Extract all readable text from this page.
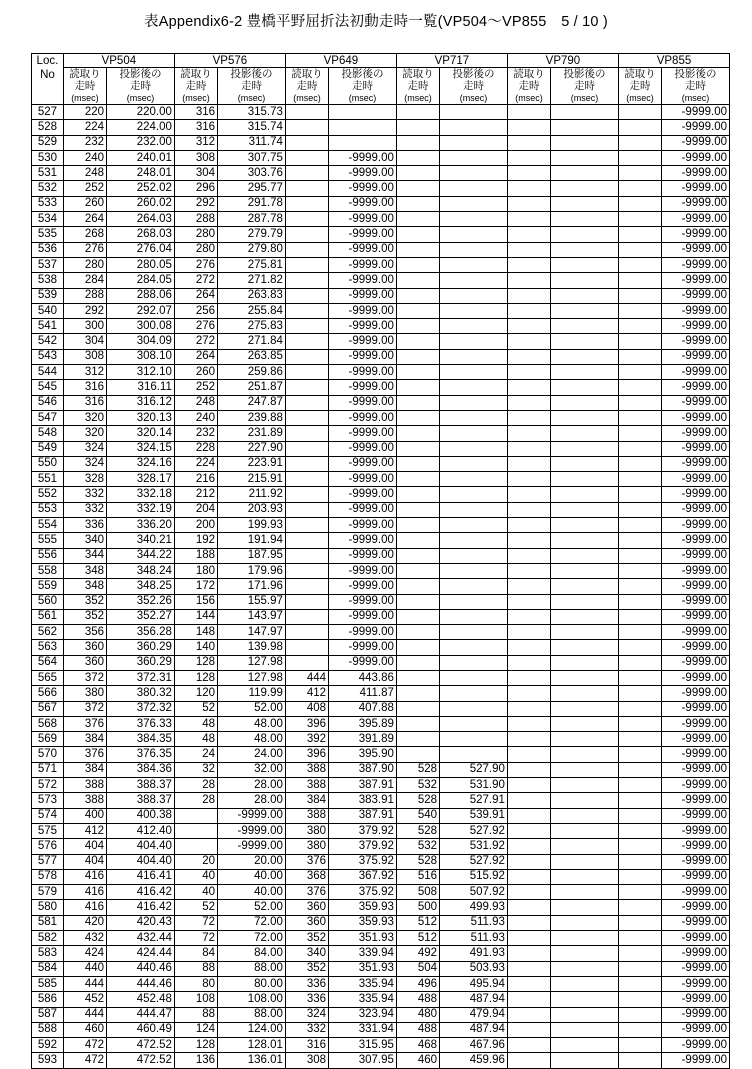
表Appendix6-2 豊橋平野屈折法初動走時一覧(VP504～VP855　5 / 10 )
Loc.
No	VP504		VP576		VP649		VP717		VP790		VP855	
	読取り	投影後の	読取り	投影後の	読取り	投影後の	読取り	投影後の	読取り	投影後の	読取り	投影後の
	走時	走時	走時	走時	走時	走時	走時	走時	走時	走時	走時	走時
	(msec)	(msec)	(msec)	(msec)	(msec)	(msec)	(msec)	(msec)	(msec)	(msec)	(msec)	(msec)
527	220	220.00	316	315.73								-9999.00
528	224	224.00	316	315.74								-9999.00
529	232	232.00	312	311.74								-9999.00
530	240	240.01	308	307.75		-9999.00						-9999.00
531	248	248.01	304	303.76		-9999.00						-9999.00
532	252	252.02	296	295.77		-9999.00						-9999.00
533	260	260.02	292	291.78		-9999.00						-9999.00
534	264	264.03	288	287.78		-9999.00						-9999.00
535	268	268.03	280	279.79		-9999.00						-9999.00
536	276	276.04	280	279.80		-9999.00						-9999.00
537	280	280.05	276	275.81		-9999.00						-9999.00
538	284	284.05	272	271.82		-9999.00						-9999.00
539	288	288.06	264	263.83		-9999.00						-9999.00
540	292	292.07	256	255.84		-9999.00						-9999.00
541	300	300.08	276	275.83		-9999.00						-9999.00
542	304	304.09	272	271.84		-9999.00						-9999.00
543	308	308.10	264	263.85		-9999.00						-9999.00
544	312	312.10	260	259.86		-9999.00						-9999.00
545	316	316.11	252	251.87		-9999.00						-9999.00
546	316	316.12	248	247.87		-9999.00						-9999.00
547	320	320.13	240	239.88		-9999.00						-9999.00
548	320	320.14	232	231.89		-9999.00						-9999.00
549	324	324.15	228	227.90		-9999.00						-9999.00
550	324	324.16	224	223.91		-9999.00						-9999.00
551	328	328.17	216	215.91		-9999.00						-9999.00
552	332	332.18	212	211.92		-9999.00						-9999.00
553	332	332.19	204	203.93		-9999.00						-9999.00
554	336	336.20	200	199.93		-9999.00						-9999.00
555	340	340.21	192	191.94		-9999.00						-9999.00
556	344	344.22	188	187.95		-9999.00						-9999.00
558	348	348.24	180	179.96		-9999.00						-9999.00
559	348	348.25	172	171.96		-9999.00						-9999.00
560	352	352.26	156	155.97		-9999.00						-9999.00
561	352	352.27	144	143.97		-9999.00						-9999.00
562	356	356.28	148	147.97		-9999.00						-9999.00
563	360	360.29	140	139.98		-9999.00						-9999.00
564	360	360.29	128	127.98		-9999.00						-9999.00
565	372	372.31	128	127.98	444	443.86						-9999.00
566	380	380.32	120	119.99	412	411.87						-9999.00
567	372	372.32	52	52.00	408	407.88						-9999.00
568	376	376.33	48	48.00	396	395.89						-9999.00
569	384	384.35	48	48.00	392	391.89						-9999.00
570	376	376.35	24	24.00	396	395.90						-9999.00
571	384	384.36	32	32.00	388	387.90	528	527.90				-9999.00
572	388	388.37	28	28.00	388	387.91	532	531.90				-9999.00
573	388	388.37	28	28.00	384	383.91	528	527.91				-9999.00
574	400	400.38		-9999.00	388	387.91	540	539.91				-9999.00
575	412	412.40		-9999.00	380	379.92	528	527.92				-9999.00
576	404	404.40		-9999.00	380	379.92	532	531.92				-9999.00
577	404	404.40	20	20.00	376	375.92	528	527.92				-9999.00
578	416	416.41	40	40.00	368	367.92	516	515.92				-9999.00
579	416	416.42	40	40.00	376	375.92	508	507.92				-9999.00
580	416	416.42	52	52.00	360	359.93	500	499.93				-9999.00
581	420	420.43	72	72.00	360	359.93	512	511.93				-9999.00
582	432	432.44	72	72.00	352	351.93	512	511.93				-9999.00
583	424	424.44	84	84.00	340	339.94	492	491.93				-9999.00
584	440	440.46	88	88.00	352	351.93	504	503.93				-9999.00
585	444	444.46	80	80.00	336	335.94	496	495.94				-9999.00
586	452	452.48	108	108.00	336	335.94	488	487.94				-9999.00
587	444	444.47	88	88.00	324	323.94	480	479.94				-9999.00
588	460	460.49	124	124.00	332	331.94	488	487.94				-9999.00
592	472	472.52	128	128.01	316	315.95	468	467.96				-9999.00
593	472	472.52	136	136.01	308	307.95	460	459.96				-9999.00
